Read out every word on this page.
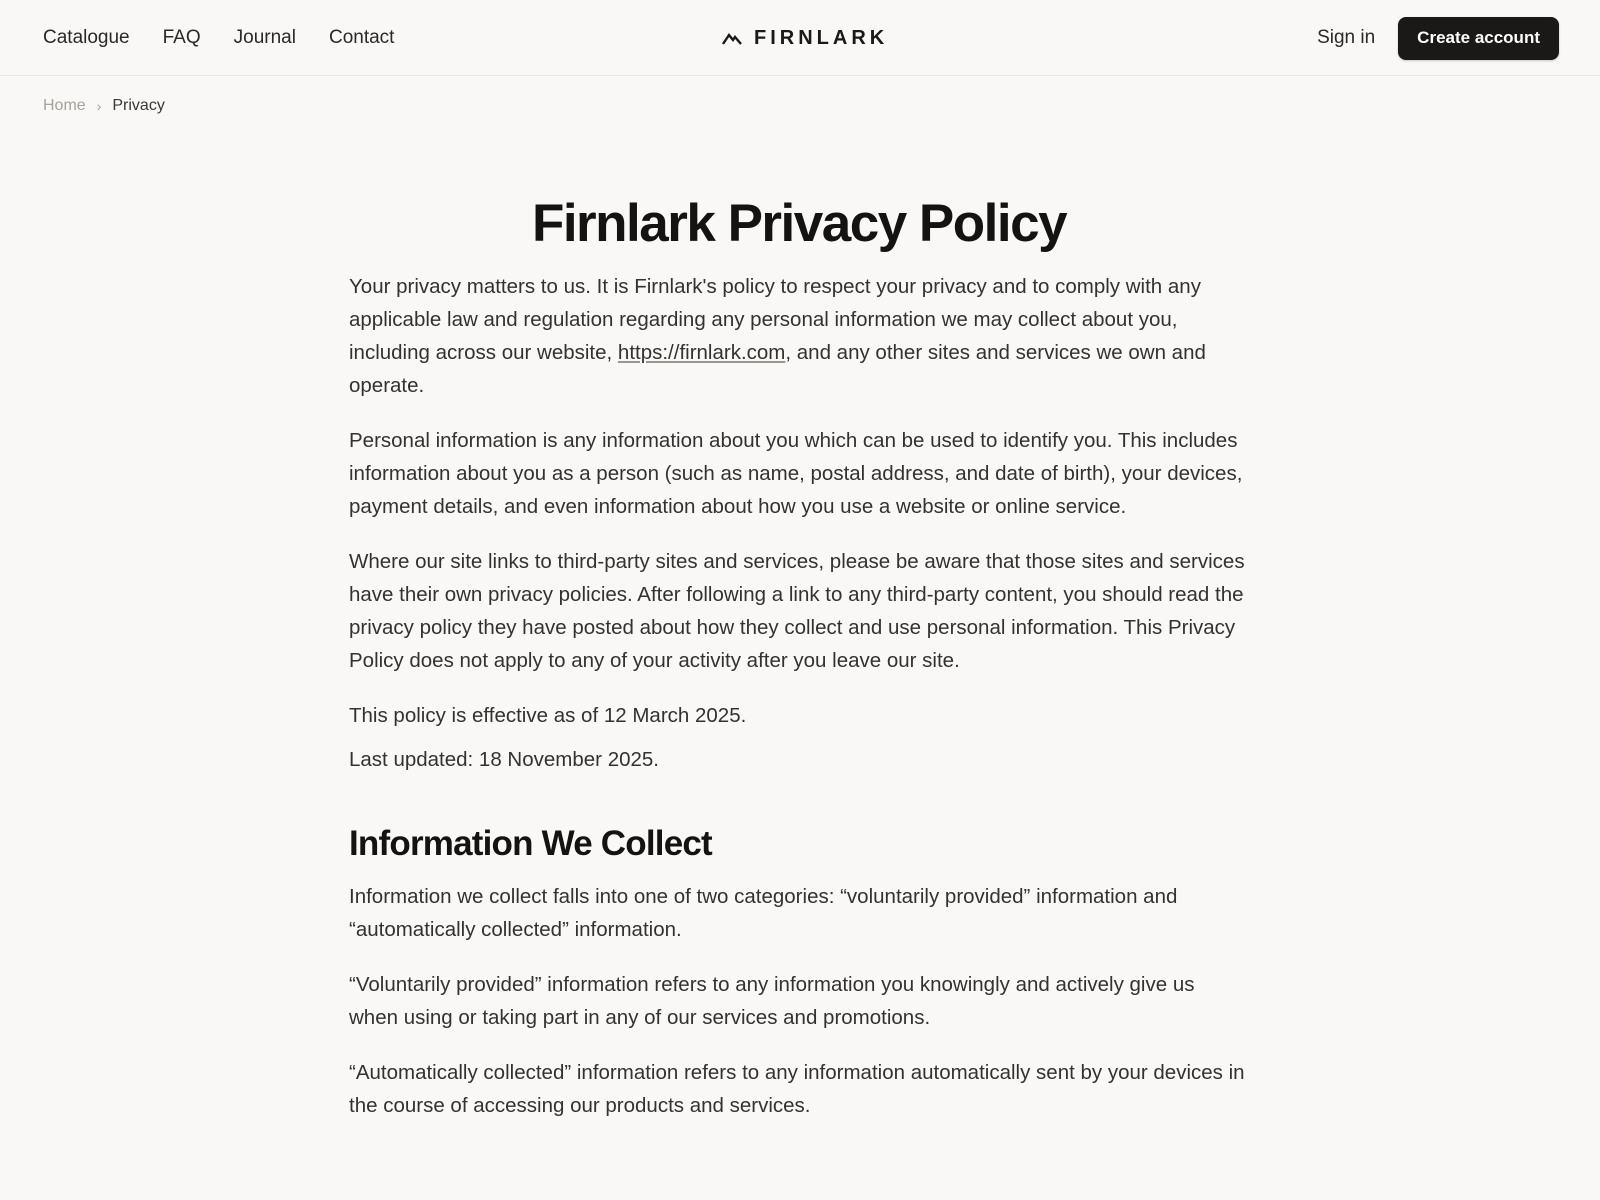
Catalogue FAQ Journal Contact	FIRNLARK	Sign in	Create account
Home › Privacy
Firnlark Privacy Policy

Your privacy matters to us. It is Firnlark's policy to respect your privacy and to comply with any applicable law and regulation regarding any personal information we may collect about you, including across our website, https://firnlark.com, and any other sites and services we own and operate.

Personal information is any information about you which can be used to identify you. This includes information about you as a person (such as name, postal address, and date of birth), your devices, payment details, and even information about how you use a website or online service.

Where our site links to third-party sites and services, please be aware that those sites and services have their own privacy policies. After following a link to any third-party content, you should read the privacy policy they have posted about how they collect and use personal information. This Privacy Policy does not apply to any of your activity after you leave our site.

This policy is effective as of 12 March 2025.

Last updated: 18 November 2025.

Information We Collect

Information we collect falls into one of two categories: “voluntarily provided” information and “automatically collected” information.

“Voluntarily provided” information refers to any information you knowingly and actively give us when using or taking part in any of our services and promotions.

“Automatically collected” information refers to any information automatically sent by your devices in the course of accessing our products and services.
